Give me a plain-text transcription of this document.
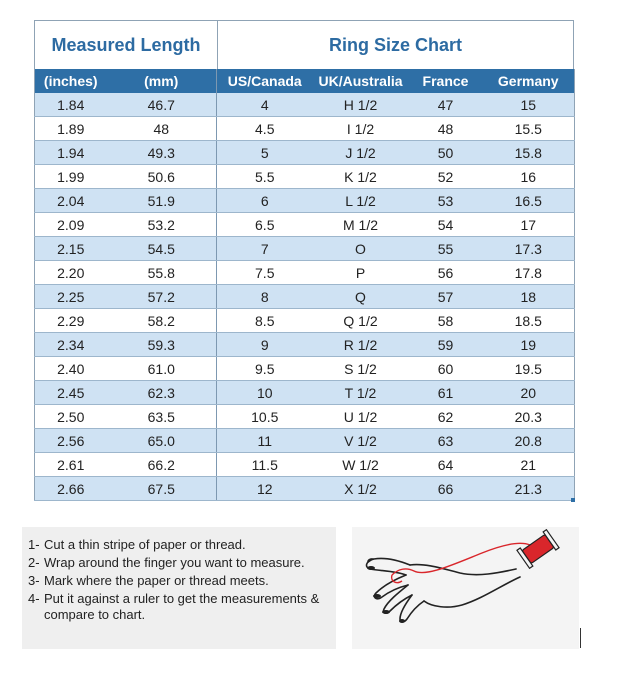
Measured Length	Ring Size Chart
(inches)	(mm)	US/Canada	UK/Australia	France	Germany
1.84	46.7	4	H 1/2	47	15
1.89	48	4.5	I 1/2	48	15.5
1.94	49.3	5	J 1/2	50	15.8
1.99	50.6	5.5	K 1/2	52	16
2.04	51.9	6	L 1/2	53	16.5
2.09	53.2	6.5	M 1/2	54	17
2.15	54.5	7	O	55	17.3
2.20	55.8	7.5	P	56	17.8
2.25	57.2	8	Q	57	18
2.29	58.2	8.5	Q 1/2	58	18.5
2.34	59.3	9	R 1/2	59	19
2.40	61.0	9.5	S 1/2	60	19.5
2.45	62.3	10	T 1/2	61	20
2.50	63.5	10.5	U 1/2	62	20.3
2.56	65.0	11	V 1/2	63	20.8
2.61	66.2	11.5	W 1/2	64	21
2.66	67.5	12	X 1/2	66	21.3
1- Cut a thin stripe of paper or thread.
2- Wrap around the finger you want to measure.
3- Mark where the paper or thread meets.
4- Put it against a ruler to get the measurements & compare to chart.
